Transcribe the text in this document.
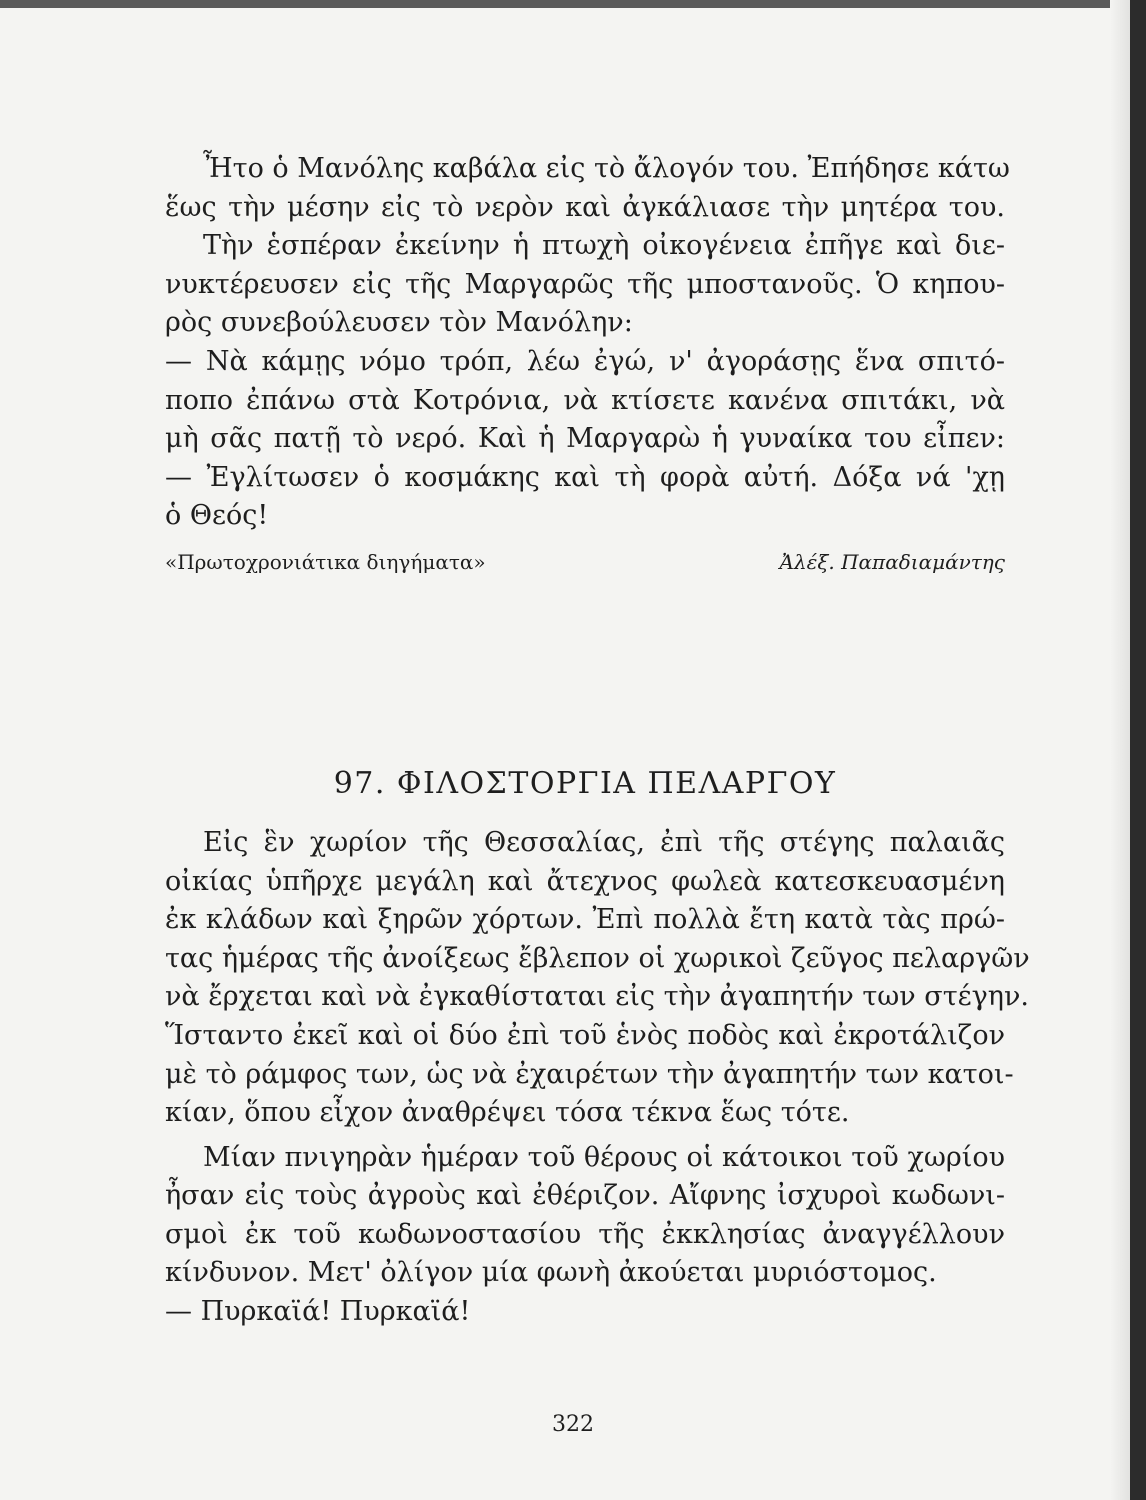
Ἦτο ὁ Μανόλης καβάλα εἰς τὸ ἄλογόν του. Ἐπήδησε κάτω
ἕως τὴν μέσην εἰς τὸ νερὸν καὶ ἀγκάλιασε τὴν μητέρα του.
Τὴν ἑσπέραν ἐκείνην ἡ πτωχὴ οἰκογένεια ἐπῆγε καὶ διε-
νυκτέρευσεν εἰς τῆς Μαργαρῶς τῆς μποστανοῦς. Ὁ κηπου-
ρὸς συνεβούλευσεν τὸν Μανόλην:
— Νὰ κάμῃς νόμο τρόπ, λέω ἐγώ, ν' ἀγοράσῃς ἕνα σπιτό-
ποπο ἐπάνω στὰ Κοτρόνια, νὰ κτίσετε κανένα σπιτάκι, νὰ
μὴ σᾶς πατῇ τὸ νερό. Καὶ ἡ Μαργαρὼ ἡ γυναίκα του εἶπεν:
— Ἐγλίτωσεν ὁ κοσμάκης καὶ τὴ φορὰ αὐτή. Δόξα νά 'χῃ
ὁ Θεός!
«Πρωτοχρονιάτικα διηγήματα»	Ἀλέξ. Παπαδιαμάντης
97. ΦΙΛΟΣΤΟΡΓΙΑ ΠΕΛΑΡΓΟΥ
Εἰς ἓν χωρίον τῆς Θεσσαλίας, ἐπὶ τῆς στέγης παλαιᾶς
οἰκίας ὑπῆρχε μεγάλη καὶ ἄτεχνος φωλεὰ κατεσκευασμένη
ἐκ κλάδων καὶ ξηρῶν χόρτων. Ἐπὶ πολλὰ ἔτη κατὰ τὰς πρώ-
τας ἡμέρας τῆς ἀνοίξεως ἔβλεπον οἱ χωρικοὶ ζεῦγος πελαργῶν
νὰ ἔρχεται καὶ νὰ ἐγκαθίσταται εἰς τὴν ἀγαπητήν των στέγην.
Ἵσταντο ἐκεῖ καὶ οἱ δύο ἐπὶ τοῦ ἑνὸς ποδὸς καὶ ἐκροτάλιζον
μὲ τὸ ράμφος των, ὡς νὰ ἐχαιρέτων τὴν ἀγαπητήν των κατοι-
κίαν, ὅπου εἶχον ἀναθρέψει τόσα τέκνα ἕως τότε.
Μίαν πνιγηρὰν ἡμέραν τοῦ θέρους οἱ κάτοικοι τοῦ χωρίου
ἦσαν εἰς τοὺς ἀγροὺς καὶ ἐθέριζον. Αἴφνης ἰσχυροὶ κωδωνι-
σμοὶ ἐκ τοῦ κωδωνοστασίου τῆς ἐκκλησίας ἀναγγέλλουν
κίνδυνον. Μετ' ὀλίγον μία φωνὴ ἀκούεται μυριόστομος.
— Πυρκαϊά! Πυρκαϊά!
322
